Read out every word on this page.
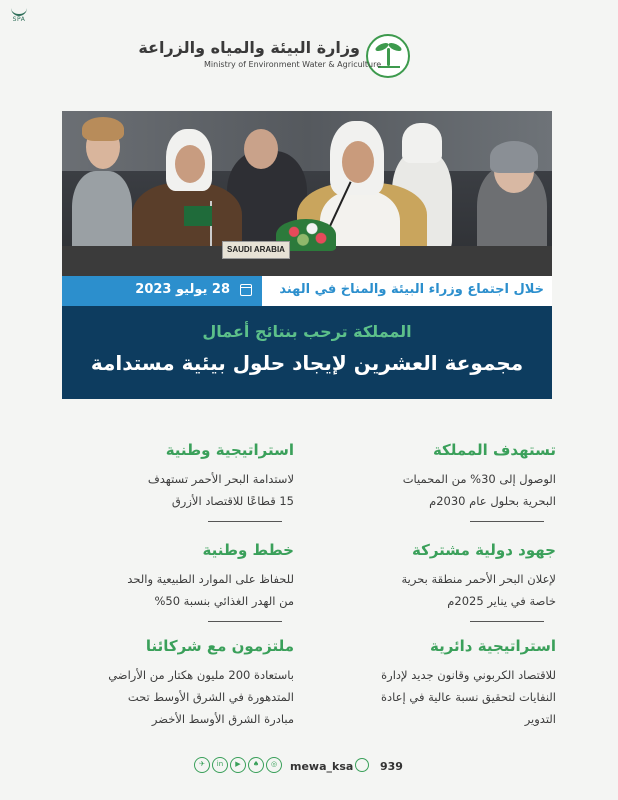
SPA
وزارة البيئة والمياه والزراعة
Ministry of Environment Water & Agriculture
SAUDI ARABIA
خلال اجتماع وزراء البيئة والمناخ في الهند
28 يوليو 2023
المملكة ترحب بنتائج أعمال
مجموعة العشرين لإيجاد حلول بيئية مستدامة
تستهدف المملكة
الوصول إلى 30% من المحميات
البحرية بحلول عام 2030م
جهود دولية مشتركة
لإعلان البحر الأحمر منطقة بحرية
خاصة في يناير 2025م
استراتيجية دائرية
للاقتصاد الكربوني وقانون جديد لإدارة
النفايات لتحقيق نسبة عالية في إعادة
التدوير
استراتيجية وطنية
لاستدامة البحر الأحمر تستهدف
15 قطاعًا للاقتصاد الأزرق
خطط وطنية
للحفاظ على الموارد الطبيعية والحد
من الهدر الغذائي بنسبة 50%
ملتزمون مع شركائنا
باستعادة 200 مليون هكتار من الأراضي
المتدهورة في الشرق الأوسط تحت
مبادرة الشرق الأوسط الأخضر
939
mewa_ksa
◎
♠
▶
in
✈
